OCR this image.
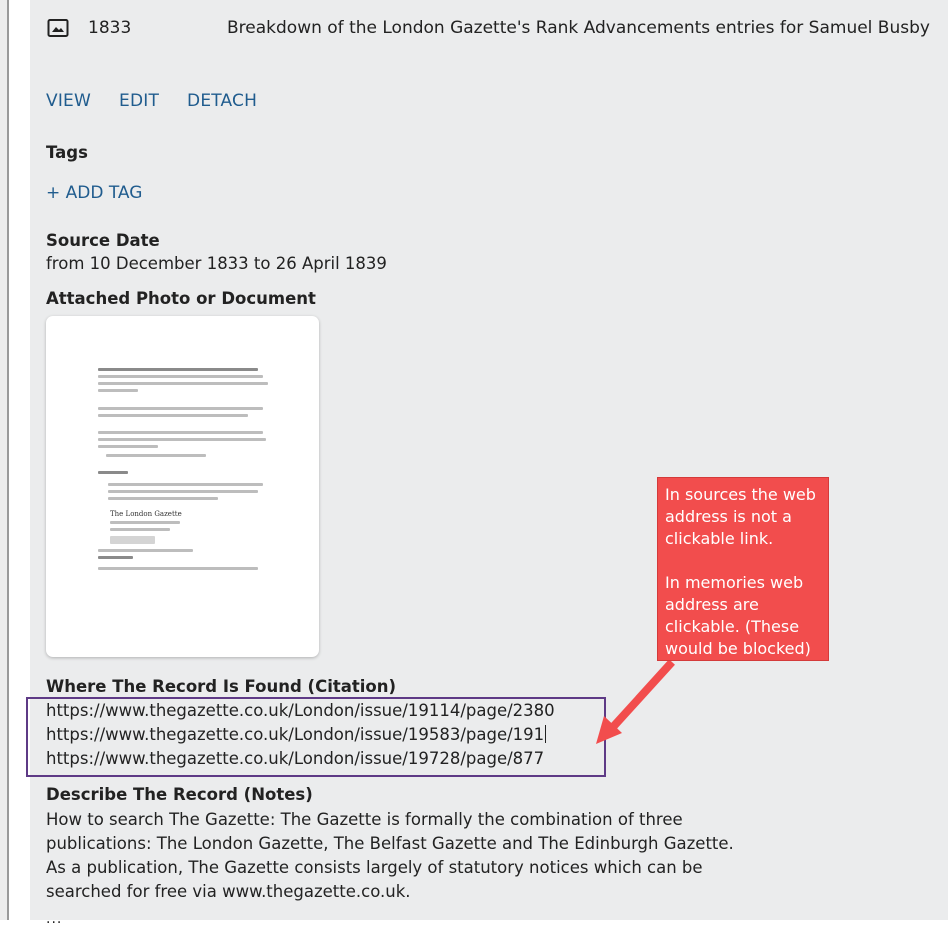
1833	Breakdown of the London Gazette's Rank Advancements entries for Samuel Busby
VIEW EDIT DETACH
Tags
+ ADD TAG
Source Date
from 10 December 1833 to 26 April 1839
Attached Photo or Document
The London Gazette
Where The Record Is Found (Citation)
https://www.thegazette.co.uk/London/issue/19114/page/2380
https://www.thegazette.co.uk/London/issue/19583/page/191
https://www.thegazette.co.uk/London/issue/19728/page/877
Describe The Record (Notes)
How to search The Gazette: The Gazette is formally the combination of three
publications: The London Gazette, The Belfast Gazette and The Edinburgh Gazette.
As a publication, The Gazette consists largely of statutory notices which can be
searched for free via www.thegazette.co.uk.

In sources the web address is not a clickable link.

In memories web address are clickable. (These would be blocked)

...
